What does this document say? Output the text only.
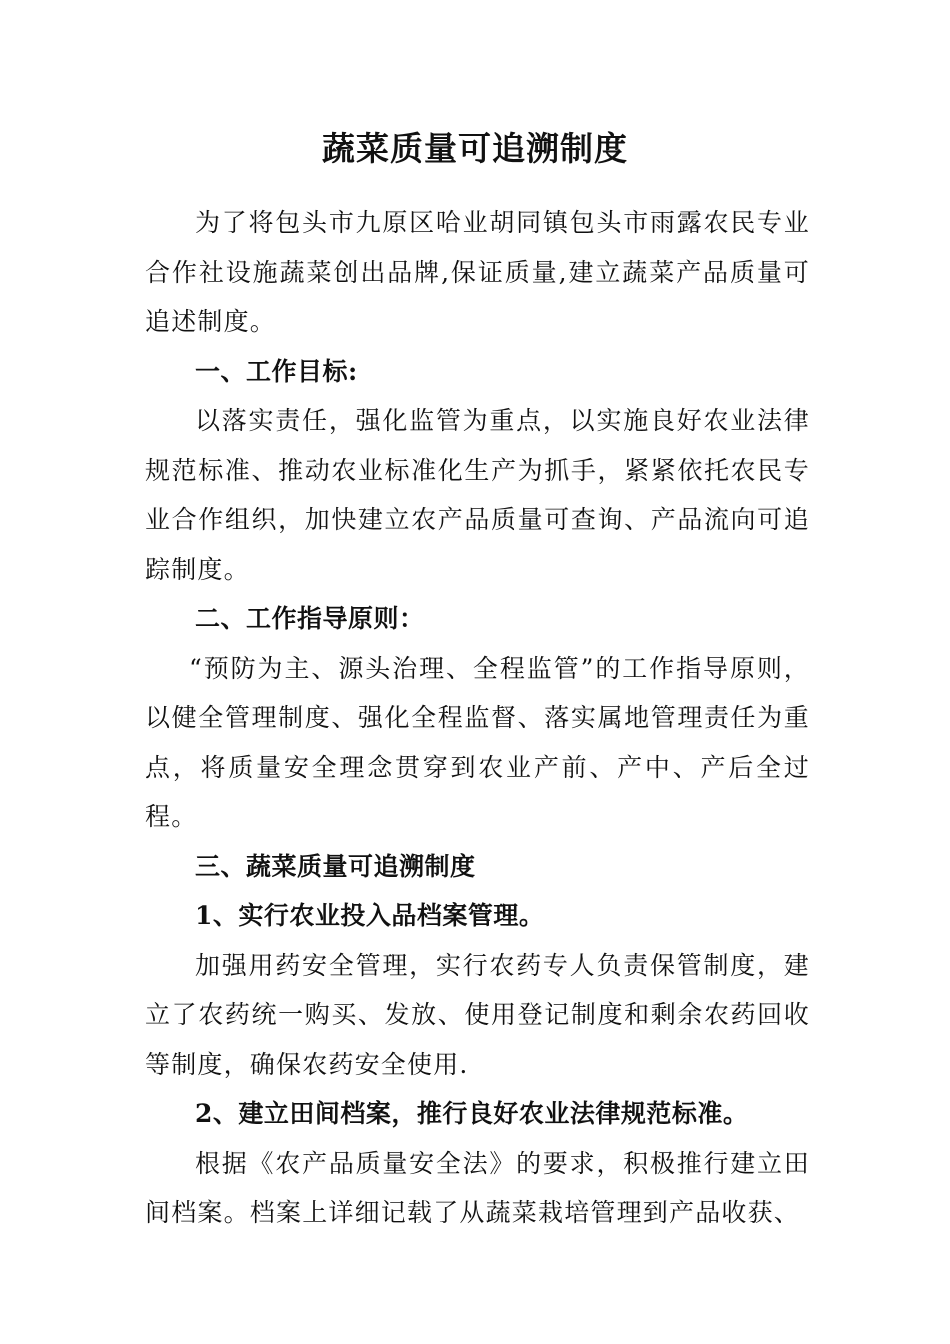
蔬菜质量可追溯制度

为了将包头市九原区哈业胡同镇包头市雨露农民专业合作社设施蔬菜创出品牌,保证质量,建立蔬菜产品质量可追述制度。

一、工作目标:

以落实责任，强化监管为重点，以实施良好农业法律规范标准、推动农业标准化生产为抓手，紧紧依托农民专业合作组织，加快建立农产品质量可查询、产品流向可追踪制度。

二、工作指导原则：

“预防为主、源头治理、全程监管”的工作指导原则，以健全管理制度、强化全程监督、落实属地管理责任为重点，将质量安全理念贯穿到农业产前、产中、产后全过程。

三、蔬菜质量可追溯制度

1、实行农业投入品档案管理。

加强用药安全管理，实行农药专人负责保管制度，建立了农药统一购买、发放、使用登记制度和剩余农药回收等制度，确保农药安全使用.

2、建立田间档案，推行良好农业法律规范标准。

根据《农产品质量安全法》的要求，积极推行建立田间档案。档案上详细记载了从蔬菜栽培管理到产品收获、
